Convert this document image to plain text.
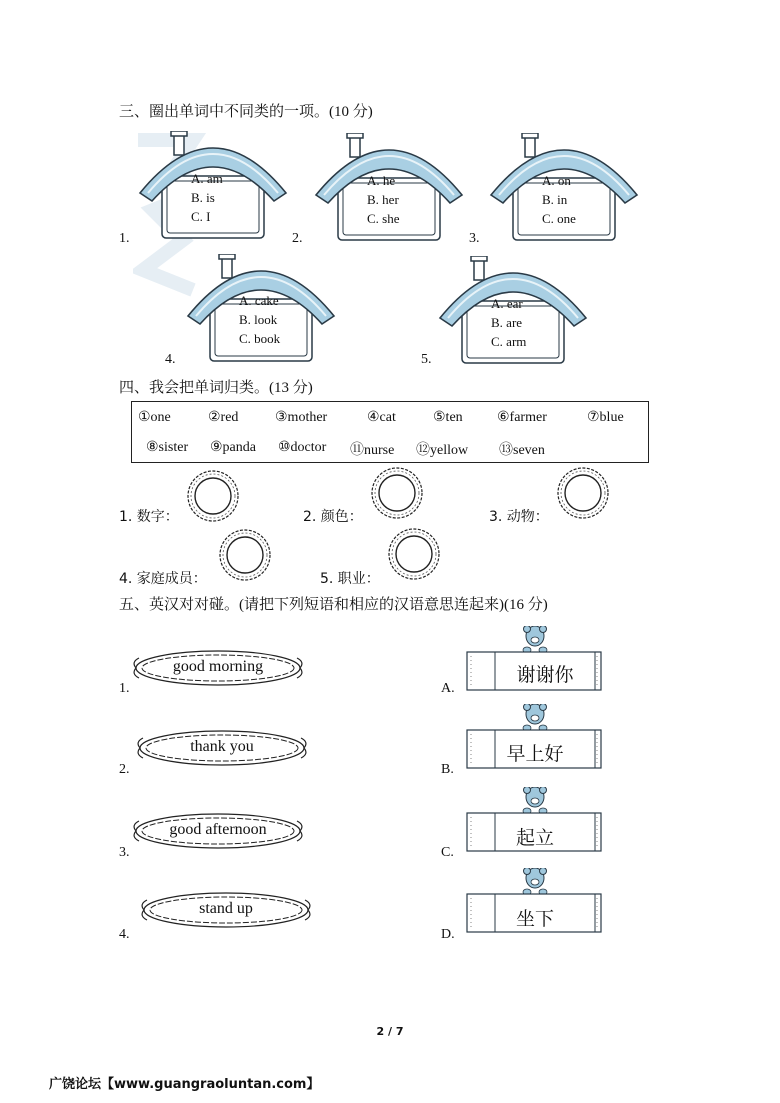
三、圈出单词中不同类的一项。(10 分)
1.
A. am
B. is
C. I
2.
A. he
B. her
C. she
3.
A. on
B. in
C. one
4.
A. cake
B. look
C. book
5.
A. ear
B. are
C. arm
四、我会把单词归类。(13 分)
①one	②red	③mother	④cat	⑤ten ⑥farmer	⑦blue
⑧sister ⑨panda ⑩doctor ⑪nurse ⑫yellow ⑬seven
1. 数字：	2. 颜色：	3. 动物：
4. 家庭成员：	5. 职业：
五、英汉对对碰。(请把下列短语和相应的汉语意思连起来)(16 分)
1.
good morning
2.
thank you
3.
good afternoon
4.
stand up
A.
谢谢你
B.
早上好
C.
起立
D.
坐下
2 / 7
广饶论坛【www.guangraoluntan.com】
